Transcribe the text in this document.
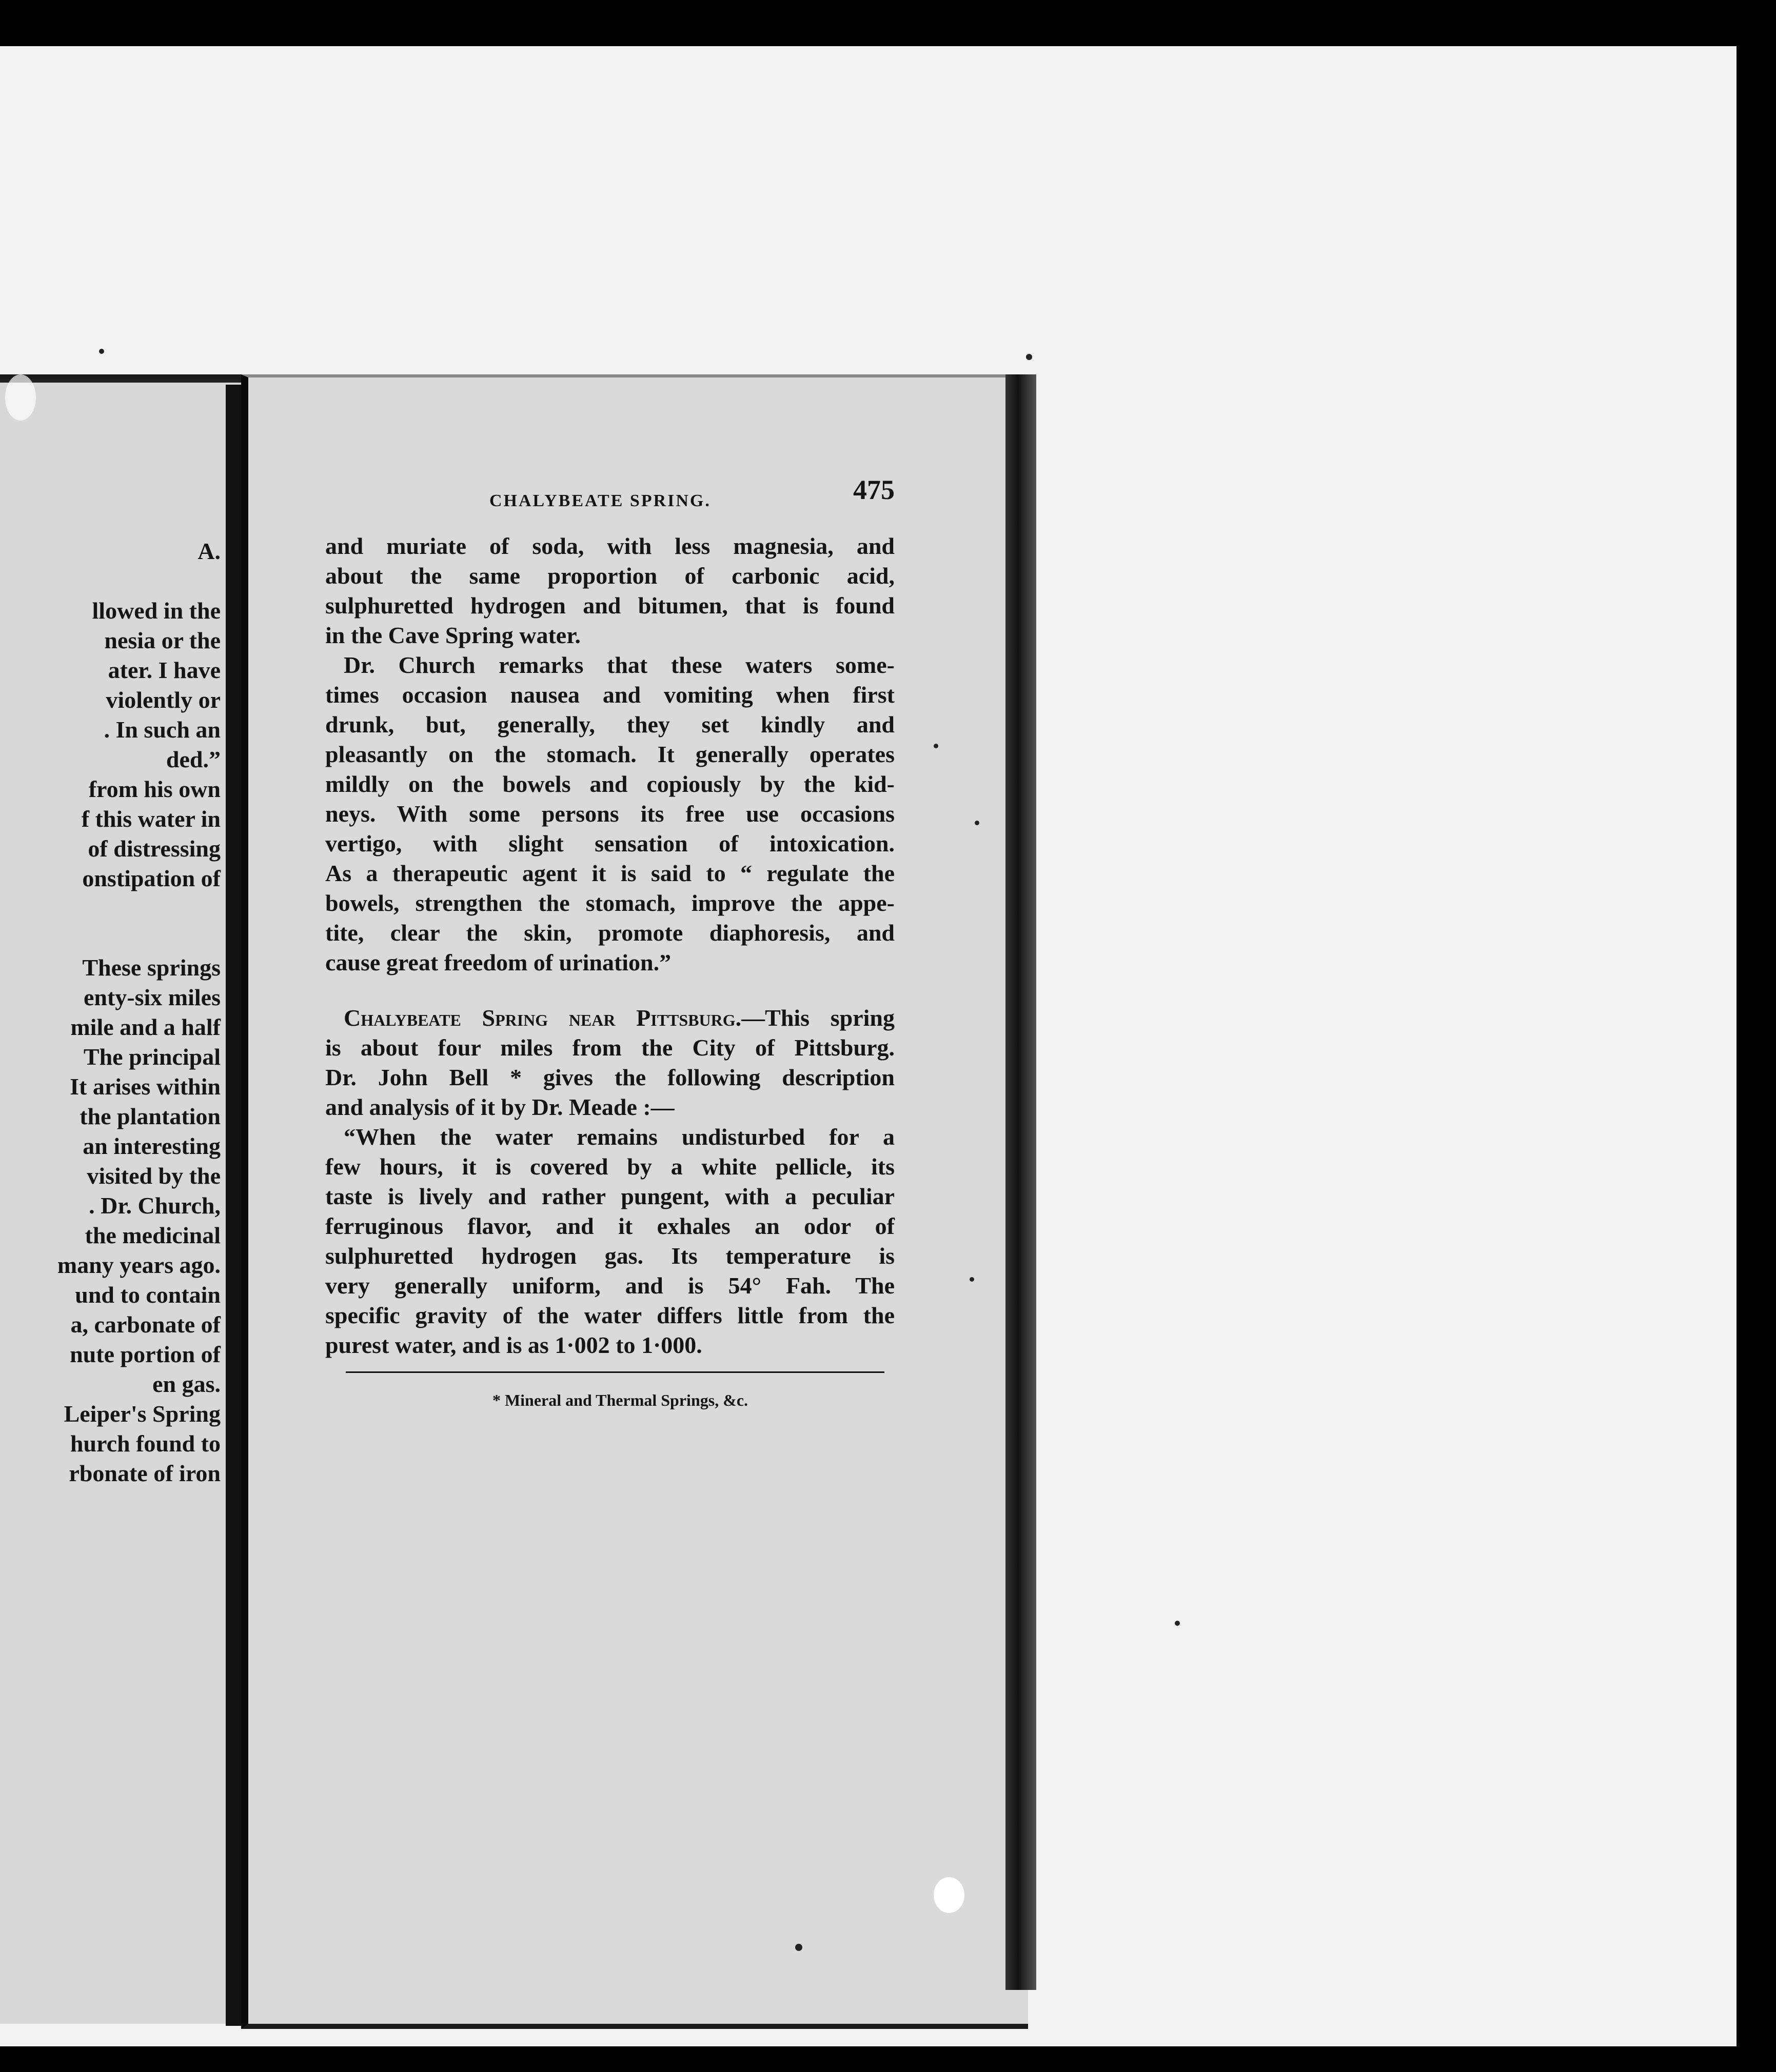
A.
llowed in the
nesia or the
ater. I have
violently or
. In such an
ded.”
from his own
f this water in
of distressing
onstipation of
These springs
enty-six miles
mile and a half
The principal
It arises within
the plantation
an interesting
visited by the
. Dr. Church,
the medicinal
many years ago.
und to contain
a, carbonate of
nute portion of
en gas.
Leiper's Spring
hurch found to
rbonate of iron
CHALYBEATE SPRING.	475
and muriate of soda, with less magnesia, and
about the same proportion of carbonic acid,
sulphuretted hydrogen and bitumen, that is found
in the Cave Spring water.
Dr. Church remarks that these waters some-
times occasion nausea and vomiting when first
drunk, but, generally, they set kindly and
pleasantly on the stomach. It generally operates
mildly on the bowels and copiously by the kid-
neys. With some persons its free use occasions
vertigo, with slight sensation of intoxication.
As a therapeutic agent it is said to “ regulate the
bowels, strengthen the stomach, improve the appe-
tite, clear the skin, promote diaphoresis, and
cause great freedom of urination.”
Chalybeate Spring near Pittsburg.—This spring
is about four miles from the City of Pittsburg.
Dr. John Bell * gives the following description
and analysis of it by Dr. Meade :—
“When the water remains undisturbed for a
few hours, it is covered by a white pellicle, its
taste is lively and rather pungent, with a peculiar
ferruginous flavor, and it exhales an odor of
sulphuretted hydrogen gas. Its temperature is
very generally uniform, and is 54° Fah. The
specific gravity of the water differs little from the
purest water, and is as 1·002 to 1·000.
* Mineral and Thermal Springs, &c.
